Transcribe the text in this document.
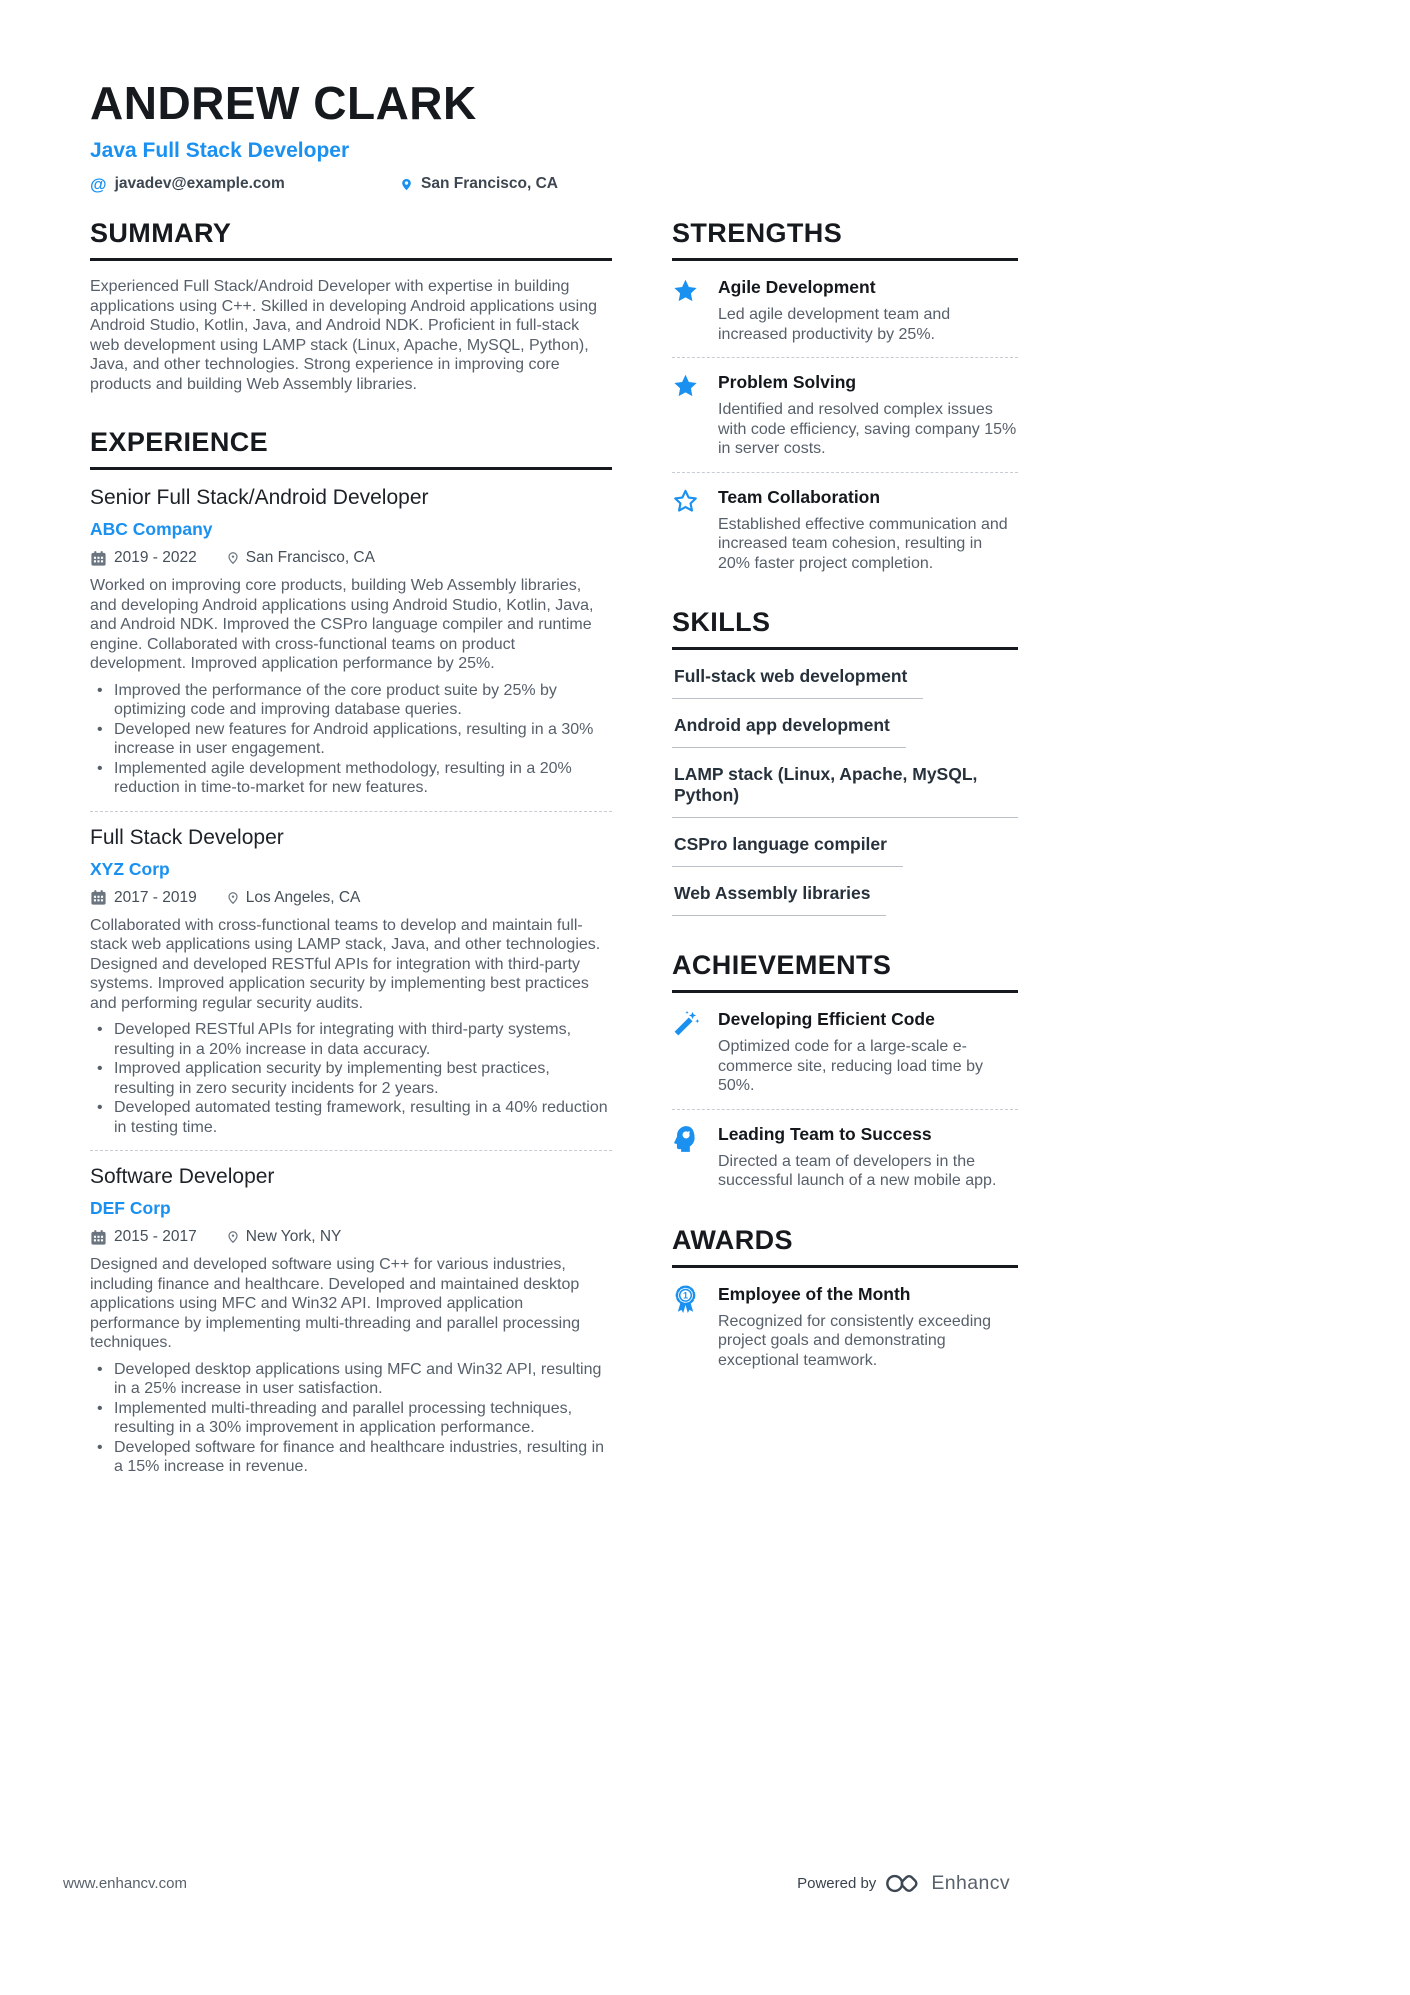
ANDREW CLARK
Java Full Stack Developer
@ javadev@example.com	San Francisco, CA
SUMMARY

Experienced Full Stack/Android Developer with expertise in building applications using C++. Skilled in developing Android applications using Android Studio, Kotlin, Java, and Android NDK. Proficient in full-stack web development using LAMP stack (Linux, Apache, MySQL, Python), Java, and other technologies. Strong experience in improving core products and building Web Assembly libraries.

EXPERIENCE
Senior Full Stack/Android Developer
ABC Company
2019 - 2022	San Francisco, CA

Worked on improving core products, building Web Assembly libraries, and developing Android applications using Android Studio, Kotlin, Java, and Android NDK. Improved the CSPro language compiler and runtime engine. Collaborated with cross-functional teams on product development. Improved application performance by 25%.

• Improved the performance of the core product suite by 25% by optimizing code and improving database queries.
• Developed new features for Android applications, resulting in a 30% increase in user engagement.
• Implemented agile development methodology, resulting in a 20% reduction in time-to-market for new features.
Full Stack Developer
XYZ Corp
2017 - 2019	Los Angeles, CA

Collaborated with cross-functional teams to develop and maintain full-stack web applications using LAMP stack, Java, and other technologies. Designed and developed RESTful APIs for integration with third-party systems. Improved application security by implementing best practices and performing regular security audits.

• Developed RESTful APIs for integrating with third-party systems, resulting in a 20% increase in data accuracy.
• Improved application security by implementing best practices, resulting in zero security incidents for 2 years.
• Developed automated testing framework, resulting in a 40% reduction in testing time.
Software Developer
DEF Corp
2015 - 2017	New York, NY

Designed and developed software using C++ for various industries, including finance and healthcare. Developed and maintained desktop applications using MFC and Win32 API. Improved application performance by implementing multi-threading and parallel processing techniques.

• Developed desktop applications using MFC and Win32 API, resulting in a 25% increase in user satisfaction.
• Implemented multi-threading and parallel processing techniques, resulting in a 30% improvement in application performance.
• Developed software for finance and healthcare industries, resulting in a 15% increase in revenue.
STRENGTHS
Agile Development

Led agile development team and increased productivity by 25%.

Problem Solving

Identified and resolved complex issues with code efficiency, saving company 15% in server costs.

Team Collaboration

Established effective communication and increased team cohesion, resulting in 20% faster project completion.

SKILLS
Full-stack web development
Android app development
LAMP stack (Linux, Apache, MySQL, Python)
CSPro language compiler
Web Assembly libraries
ACHIEVEMENTS
Developing Efficient Code

Optimized code for a large-scale e-commerce site, reducing load time by 50%.

Leading Team to Success

Directed a team of developers in the successful launch of a new mobile app.

AWARDS
1 Employee of the Month

Recognized for consistently exceeding project goals and demonstrating exceptional teamwork.

www.enhancv.com	Powered by	Enhancv
